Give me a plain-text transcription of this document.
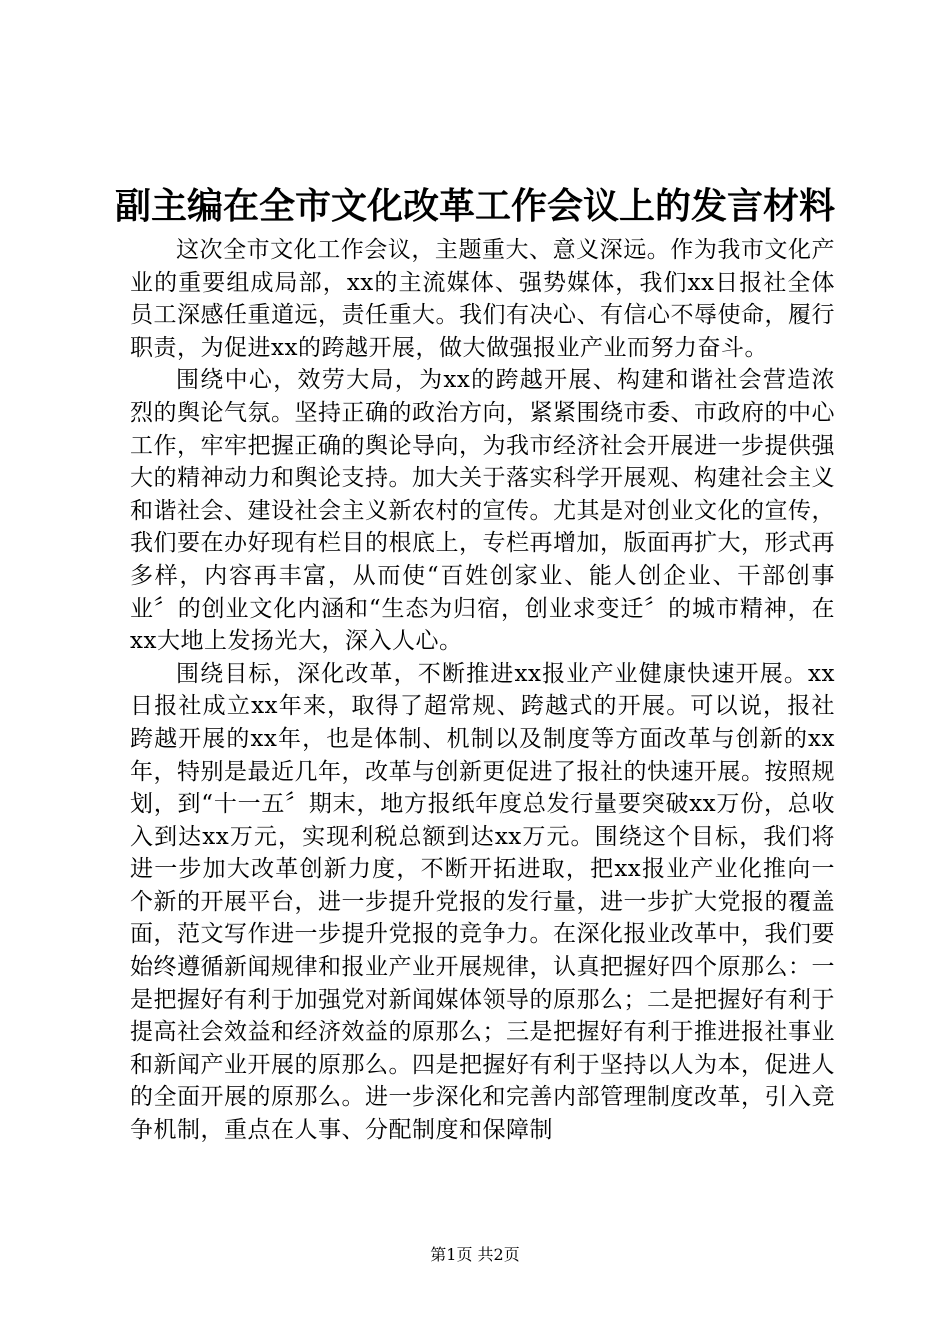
副主编在全市文化改革工作会议上的发言材料

这次全市文化工作会议，主题重大、意义深远。作为我市文化产业的重要组成局部，xx的主流媒体、强势媒体，我们xx日报社全体员工深感任重道远，责任重大。我们有决心、有信心不辱使命，履行职责，为促进xx的跨越开展，做大做强报业产业而努力奋斗。

围绕中心，效劳大局，为xx的跨越开展、构建和谐社会营造浓烈的舆论气氛。坚持正确的政治方向，紧紧围绕市委、市政府的中心工作，牢牢把握正确的舆论导向，为我市经济社会开展进一步提供强大的精神动力和舆论支持。加大关于落实科学开展观、构建社会主义和谐社会、建设社会主义新农村的宣传。尤其是对创业文化的宣传，我们要在办好现有栏目的根底上，专栏再增加，版面再扩大，形式再多样，内容再丰富，从而使“百姓创家业、能人创企业、干部创事业〞的创业文化内涵和“生态为归宿，创业求变迁〞的城市精神，在xx大地上发扬光大，深入人心。

围绕目标，深化改革，不断推进xx报业产业健康快速开展。xx日报社成立xx年来，取得了超常规、跨越式的开展。可以说，报社跨越开展的xx年，也是体制、机制以及制度等方面改革与创新的xx年，特别是最近几年，改革与创新更促进了报社的快速开展。按照规划，到“十一五〞期末，地方报纸年度总发行量要突破xx万份，总收入到达xx万元，实现利税总额到达xx万元。围绕这个目标，我们将进一步加大改革创新力度，不断开拓进取，把xx报业产业化推向一个新的开展平台，进一步提升党报的发行量，进一步扩大党报的覆盖面，范文写作进一步提升党报的竞争力。在深化报业改革中，我们要始终遵循新闻规律和报业产业开展规律，认真把握好四个原那么：一是把握好有利于加强党对新闻媒体领导的原那么；二是把握好有利于提高社会效益和经济效益的原那么；三是把握好有利于推进报社事业和新闻产业开展的原那么。四是把握好有利于坚持以人为本，促进人的全面开展的原那么。进一步深化和完善内部管理制度改革，引入竞争机制，重点在人事、分配制度和保障制

第1页 共2页
